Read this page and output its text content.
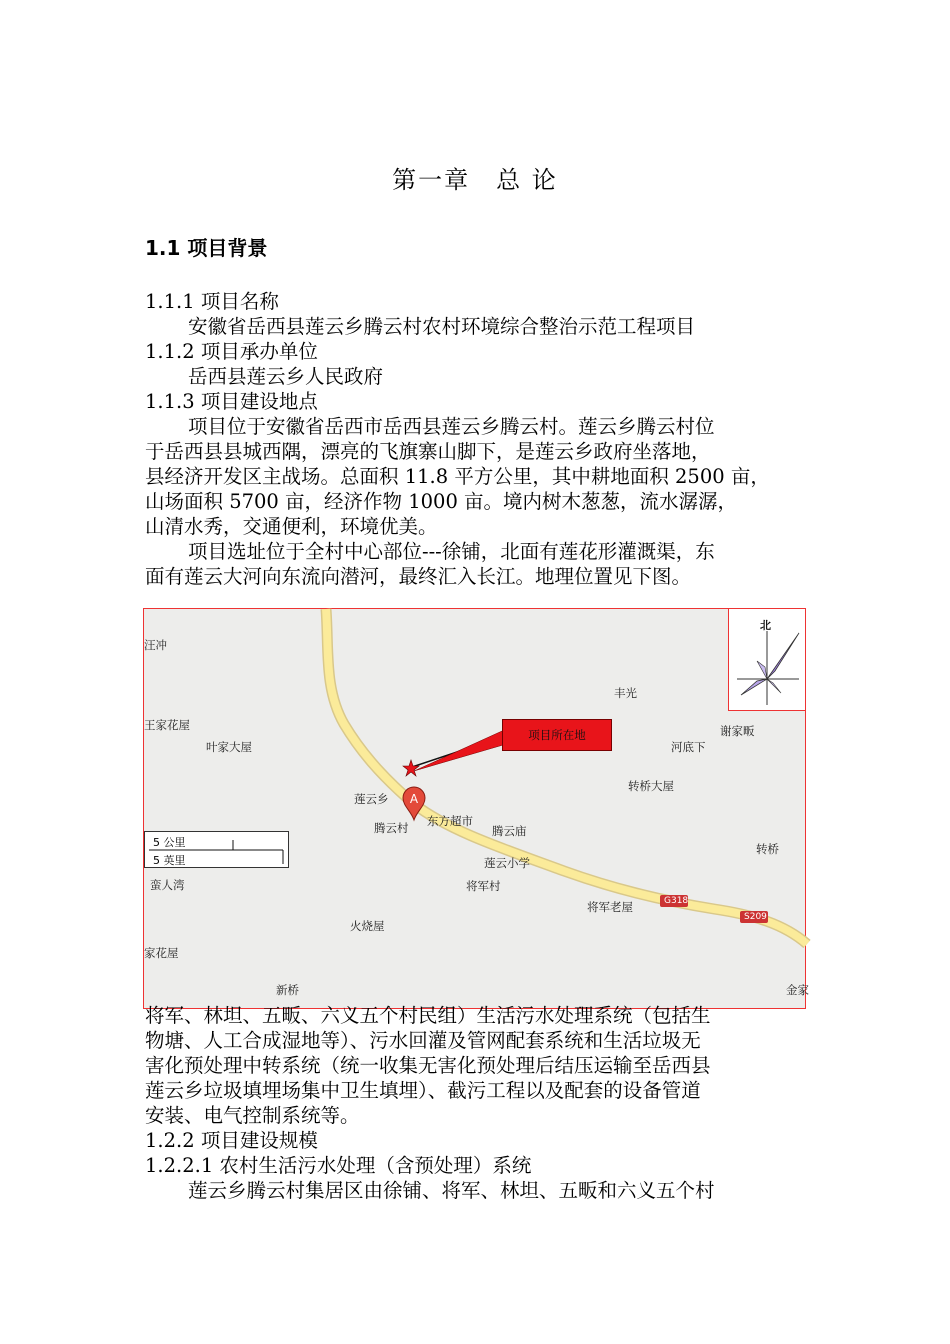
第一章　总 论
1.1 项目背景
1.1.1 项目名称
安徽省岳西县莲云乡腾云村农村环境综合整治示范工程项目
1.1.2 项目承办单位
岳西县莲云乡人民政府
1.1.3 项目建设地点
项目位于安徽省岳西市岳西县莲云乡腾云村。莲云乡腾云村位
于岳西县县城西隅，漂亮的飞旗寨山脚下，是莲云乡政府坐落地，
县经济开发区主战场。总面积 11.8 平方公里，其中耕地面积 2500 亩，
山场面积 5700 亩，经济作物 1000 亩。境内树木葱葱，流水潺潺，
山清水秀，交通便利，环境优美。
项目选址位于全村中心部位---徐铺，北面有莲花形灌溉渠，东
面有莲云大河向东流向潜河，最终汇入长江。地理位置见下图。
A
项目所在地
北
5 公里
5 英里
汪冲
王家花屋
叶家大屋
丰光
谢家畈
河底下
转桥大屋
莲云乡
腾云村 东方超市
腾云庙
转桥
莲云小学
蛮人湾	将军村
将军老屋	G318
S209
火烧屋
家花屋
新桥	金家
将军、林坦、五畈、六义五个村民组）生活污水处理系统（包括生
物塘、人工合成湿地等）、污水回灌及管网配套系统和生活垃圾无
害化预处理中转系统（统一收集无害化预处理后结压运输至岳西县
莲云乡垃圾填埋场集中卫生填埋）、截污工程以及配套的设备管道
安装、电气控制系统等。
1.2.2 项目建设规模
1.2.2.1 农村生活污水处理（含预处理）系统
莲云乡腾云村集居区由徐铺、将军、林坦、五畈和六义五个村
